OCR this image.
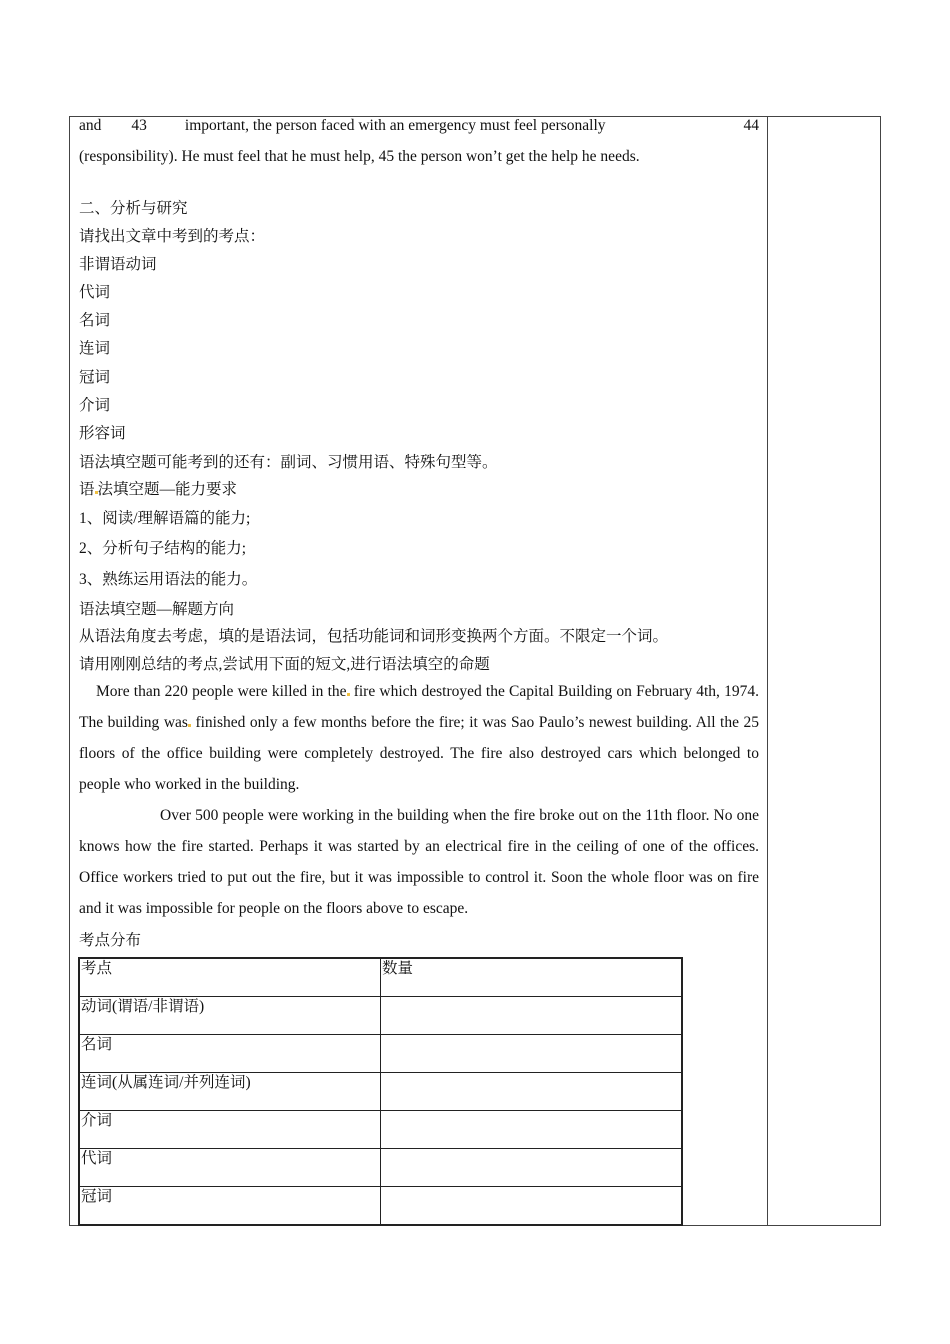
and 43 important, the person faced with an emergency must feel personally	44
(responsibility). He must feel that he must help, 45 the person won’t get the help he needs.
二、分析与研究
请找出文章中考到的考点：
非谓语动词
代词
名词
连词
冠词
介词
形容词
语法填空题可能考到的还有：副词、习惯用语、特殊句型等。
语 法填空题—能力要求
1、阅读/理解语篇的能力;
2、分析句子结构的能力;
3、熟练运用语法的能力。
语法填空题—解题方向
从语法角度去考虑，填的是语法词，包括功能词和词形变换两个方面。不限定一个词。
请用刚刚总结的考点,尝试用下面的短文,进行语法填空的命题
More than 220 people were killed in the fire which destroyed the Capital Building on February 4th, 1974. The building was finished only a few months before the fire; it was Sao Paulo’s newest building. All the 25 floors of the office building were completely destroyed. The fire also destroyed cars which belonged to people who worked in the building.
Over 500 people were working in the building when the fire broke out on the 11th floor. No one knows how the fire started. Perhaps it was started by an electrical fire in the ceiling of one of the offices. Office workers tried to put out the fire, but it was impossible to control it. Soon the whole floor was on fire and it was impossible for people on the floors above to escape.
考点分布
考点	数量
动词(谓语/非谓语)	
名词	
连词(从属连词/并列连词)	
介词	
代词	
冠词	
